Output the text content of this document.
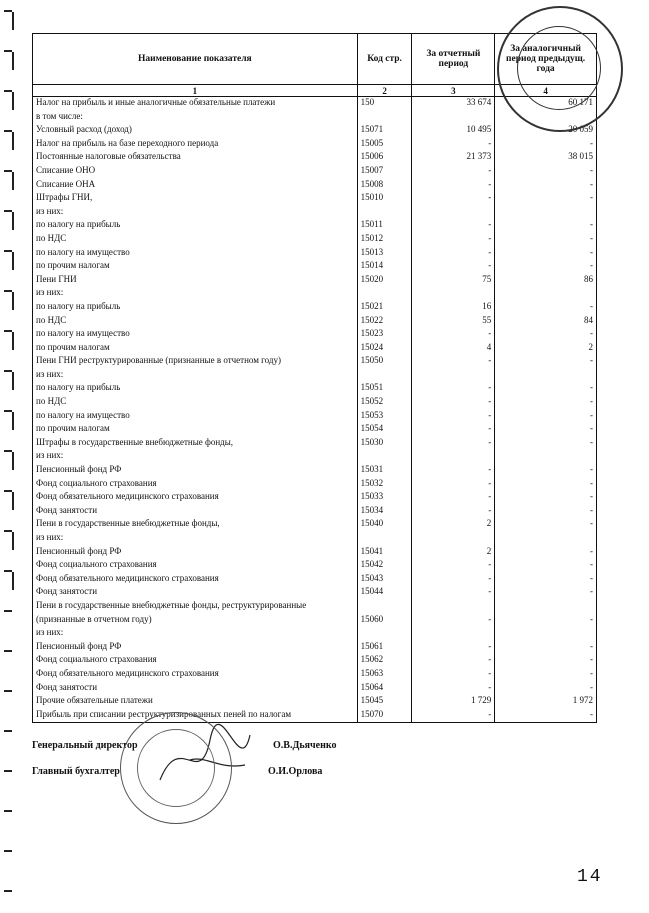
Наименование показателя	Код стр.	За отчетный период	За аналогичный период предыдущ. года
1	2	3	4
Налог на прибыль и иные аналогичные обязательные платежи	150	33 674	60 171
в том числе:			
Условный расход (доход)	15071	10 495	20 059
Налог на прибыль на базе переходного периода	15005	-	-
Постоянные налоговые обязательства	15006	21 373	38 015
Списание ОНО	15007	-	-
Списание ОНА	15008	-	-
Штрафы ГНИ,	15010	-	-
из них:			
по налогу на прибыль	15011	-	-
по НДС	15012	-	-
по налогу на имущество	15013	-	-
по прочим налогам	15014	-	-
Пени ГНИ	15020	75	86
из них:			
по налогу на прибыль	15021	16	-
по НДС	15022	55	84
по налогу на имущество	15023	-	-
по прочим налогам	15024	4	2
Пени ГНИ реструктурированные (признанные в отчетном году)	15050	-	-
из них:			
по налогу на прибыль	15051	-	-
по НДС	15052	-	-
по налогу на имущество	15053	-	-
по прочим налогам	15054	-	-
Штрафы в государственные внебюджетные фонды,	15030	-	-
из них:			
Пенсионный фонд РФ	15031	-	-
Фонд социального страхования	15032	-	-
Фонд обязательного медицинского страхования	15033	-	-
Фонд занятости	15034	-	-
Пени в государственные внебюджетные фонды,	15040	2	-
из них:			
Пенсионный фонд РФ	15041	2	-
Фонд социального страхования	15042	-	-
Фонд обязательного медицинского страхования	15043	-	-
Фонд занятости	15044	-	-
Пени в государственные внебюджетные фонды, реструктурированные			
(признанные в отчетном году)	15060	-	-
из них:			
Пенсионный фонд РФ	15061	-	-
Фонд социального страхования	15062	-	-
Фонд обязательного медицинского страхования	15063	-	-
Фонд занятости	15064	-	-
Прочие обязательные платежи	15045	1 729	1 972
Прибыль при списании реструктуризированных пеней по налогам	15070	-	-
Генеральный директор	О.В.Дьяченко
Главный бухгалтер	О.И.Орлова
14
